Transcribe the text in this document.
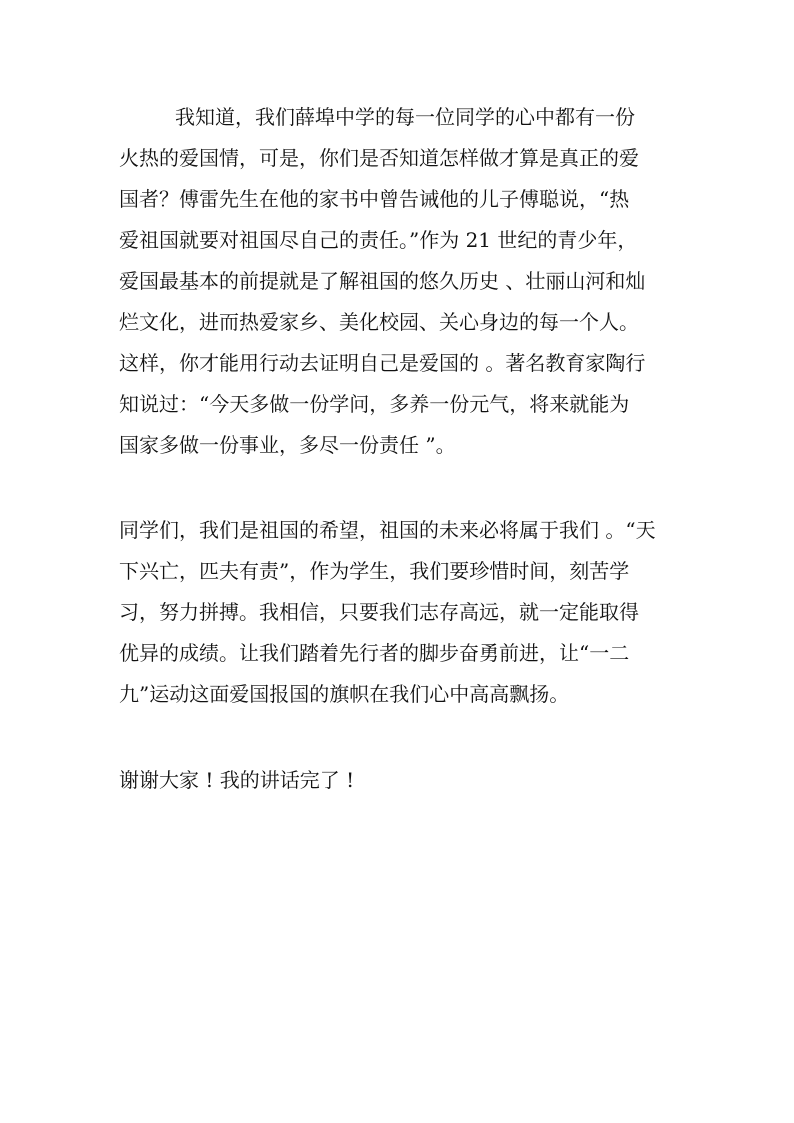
我知道，我们薛埠中学的每一位同学的心中都有一份

火热的爱国情，可是，你们是否知道怎样做才算是真正的爱

国者？傅雷先生在他的家书中曾告诫他的儿子傅聪说，“热

爱祖国就要对祖国尽自己的责任。”作为 21 世纪的青少年，

爱国最基本的前提就是了解祖国的悠久历史 、壮丽山河和灿

烂文化，进而热爱家乡、美化校园、关心身边的每一个人。

这样，你才能用行动去证明自己是爱国的 。著名教育家陶行

知说过：“今天多做一份学问，多养一份元气，将来就能为

国家多做一份事业，多尽一份责任 ”。

同学们，我们是祖国的希望，祖国的未来必将属于我们 。“天

下兴亡，匹夫有责”，作为学生，我们要珍惜时间，刻苦学

习，努力拼搏。我相信，只要我们志存高远，就一定能取得

优异的成绩。让我们踏着先行者的脚步奋勇前进，让“一二

九”运动这面爱国报国的旗帜在我们心中高高飘扬。

谢谢大家 ! 我的讲话完了 !
